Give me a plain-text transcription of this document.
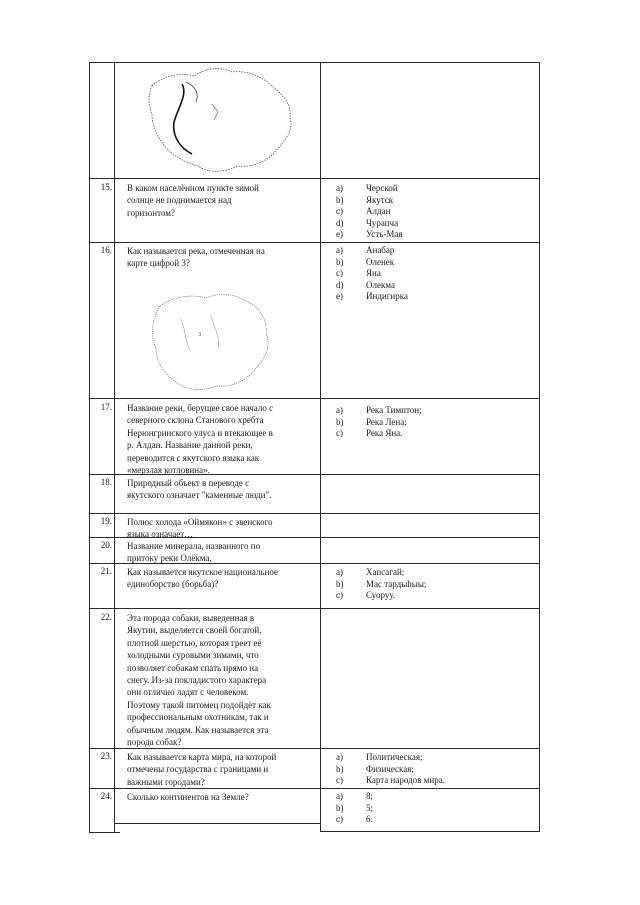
3
15. В каком населённом пункте зимой
солнце не поднимается над
горизонтом?
a)	Черской
b)	Якутск
c)	Алдан
d)	Чурапча
e)	Усть-Мая
16. Как называется река, отмеченная на
карте цифрой 3?
a)	Анабар
b)	Оленек
c)	Яна
d)	Олекма
e)	Индигирка
17. Название реки, берущее свое начало с
северного склона Станового хребта
Нерюнгринского улуса и втекающее в
р. Алдан. Название данной реки,
переводится с якутского языка как
«мерзлая котловина».
a)	Река Тимптон;
b)	Река Лена;
c)	Река Яна.
18. Природный объект в переводе с
якутского означает "каменные люди".
19. Полюс холода «Оймякон» с эвенского
языка означает…
20. Название минерала, названного по
притоку реки Олёкма.
21. Как называется якутское национальное
единоборство (борьба)?
a)	Хапсагай;
b)	Мас тардыһыы;
c)	Суоруу.
22. Эта порода собаки, выведенная в
Якутии, выделяется своей богатой,
плотной шерстью, которая греет её
холодными суровыми зимами, что
позволяет собакам спать прямо на
снегу. Из-за покладистого характера
они отлично ладят с человеком.
Поэтому такой питомец подойдёт как
профессиональным охотникам, так и
обычным людям. Как называется эта
порода собак?
23. Как называется карта мира, на которой
отмечены государства с границами и
важными городами?
a)	Политическая;
b)	Физическая;
c)	Карта народов мира.
24. Сколько континентов на Земле?	a)	8;
b)	5;
c)	6.
